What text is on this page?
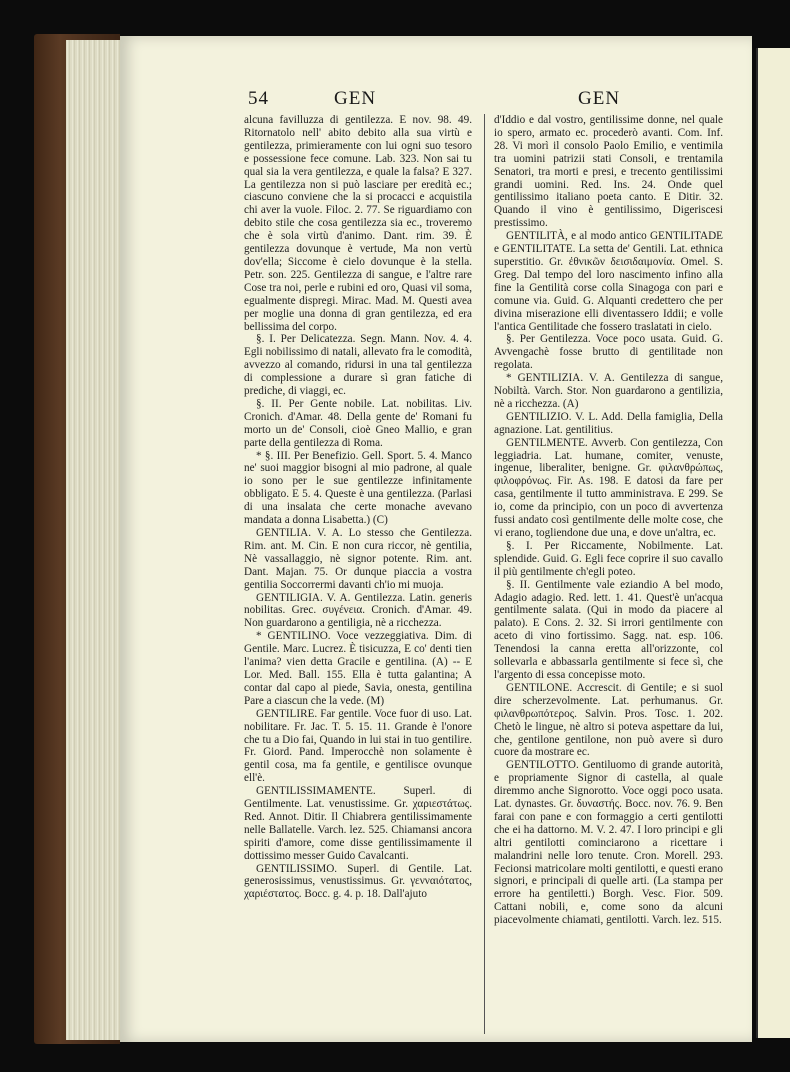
54	GEN	GEN

alcuna favilluzza di gentilezza. E nov. 98. 49. Ritornatolo nell' abito debito alla sua virtù e gentilezza, primieramente con lui ogni suo tesoro e possessione fece comune. Lab. 323. Non sai tu qual sia la vera gentilezza, e quale la falsa? E 327. La gentilezza non si può lasciare per eredità ec.; ciascuno conviene che la si procacci e acquistila chi aver la vuole. Filoc. 2. 77. Se riguardiamo con debito stile che cosa gentilezza sia ec., troveremo che è sola virtù d'animo. Dant. rim. 39. È gentilezza dovunque è vertude, Ma non vertù dov'ella; Siccome è cielo dovunque è la stella. Petr. son. 225. Gentilezza di sangue, e l'altre rare Cose tra noi, perle e rubini ed oro, Quasi vil soma, egualmente dispregi. Mirac. Mad. M. Questi avea per moglie una donna di gran gentilezza, ed era bellissima del corpo.

§. I. Per Delicatezza. Segn. Mann. Nov. 4. 4. Egli nobilissimo di natali, allevato fra le comodità, avvezzo al comando, ridursi in una tal gentilezza di complessione a durare sì gran fatiche di prediche, di viaggi, ec.

§. II. Per Gente nobile. Lat. nobilitas. Liv. Cronich. d'Amar. 48. Della gente de' Romani fu morto un de' Consoli, cioè Gneo Mallio, e gran parte della gentilezza di Roma.

* §. III. Per Benefizio. Gell. Sport. 5. 4. Manco ne' suoi maggior bisogni al mio padrone, al quale io sono per le sue gentilezze infinitamente obbligato. E 5. 4. Queste è una gentilezza. (Parlasi di una insalata che certe monache avevano mandata a donna Lisabetta.) (C)

GENTILIA. V. A. Lo stesso che Gentilezza. Rim. ant. M. Cin. E non cura riccor, nè gentilia, Nè vassallaggio, nè signor potente. Rim. ant. Dant. Majan. 75. Or dunque piaccia a vostra gentilia Soccorrermi davanti ch'io mi muoja.

GENTILIGIA. V. A. Gentilezza. Latin. generis nobilitas. Grec. συγένεια. Cronich. d'Amar. 49. Non guardarono a gentiligia, nè a ricchezza.

* GENTILINO. Voce vezzeggiativa. Dim. di Gentile. Marc. Lucrez. È tisicuzza, E co' denti tien l'anima? vien detta Gracile e gentilina. (A) -- E Lor. Med. Ball. 155. Ella è tutta galantina; A contar dal capo al piede, Savia, onesta, gentilina Pare a ciascun che la vede. (M)

GENTILIRE. Far gentile. Voce fuor di uso. Lat. nobilitare. Fr. Jac. T. 5. 15. 11. Grande è l'onore che tu a Dio fai, Quando in lui stai in tuo gentilire. Fr. Giord. Pand. Imperocchè non solamente è gentil cosa, ma fa gentile, e gentilisce ovunque ell'è.

GENTILISSIMAMENTE. Superl. di Gentilmente. Lat. venustissime. Gr. χαριεστάτως. Red. Annot. Ditir. Il Chiabrera gentilissimamente nelle Ballatelle. Varch. lez. 525. Chiamansi ancora spiriti d'amore, come disse gentilissimamente il dottissimo messer Guido Cavalcanti.

GENTILISSIMO. Superl. di Gentile. Lat. generosissimus, venustissimus. Gr. γενναιότατος, χαριέστατος. Bocc. g. 4. p. 18. Dall'ajuto

d'Iddio e dal vostro, gentilissime donne, nel quale io spero, armato ec. procederò avanti. Com. Inf. 28. Vi morì il consolo Paolo Emilio, e ventimila tra uomini patrizii stati Consoli, e trentamila Senatori, tra morti e presi, e trecento gentilissimi grandi uomini. Red. Ins. 24. Onde quel gentilissimo italiano poeta canto. E Ditir. 32. Quando il vino è gentilissimo, Digeriscesi prestissimo.

GENTILITÀ, e al modo antico GENTILITADE e GENTILITATE. La setta de' Gentili. Lat. ethnica superstitio. Gr. ἐθνικῶν δεισιδαιμονία. Omel. S. Greg. Dal tempo del loro nascimento infino alla fine la Gentilità corse colla Sinagoga con pari e comune via. Guid. G. Alquanti credettero che per divina miserazione elli diventassero Iddii; e volle l'antica Gentilitade che fossero traslatati in cielo.

§. Per Gentilezza. Voce poco usata. Guid. G. Avvengachè fosse brutto di gentilitade non regolata.

* GENTILIZIA. V. A. Gentilezza di sangue, Nobiltà. Varch. Stor. Non guardarono a gentilizia, nè a ricchezza. (A)

GENTILIZIO. V. L. Add. Della famiglia, Della agnazione. Lat. gentilitius.

GENTILMENTE. Avverb. Con gentilezza, Con leggiadria. Lat. humane, comiter, venuste, ingenue, liberaliter, benigne. Gr. φιλανθρώπως, φιλοφρόνως. Fir. As. 198. E datosi da fare per casa, gentilmente il tutto amministrava. E 299. Se io, come da principio, con un poco di avvertenza fussi andato così gentilmente delle molte cose, che vi erano, togliendone due una, e dove un'altra, ec.

§. I. Per Riccamente, Nobilmente. Lat. splendide. Guid. G. Egli fece coprire il suo cavallo il più gentilmente ch'egli poteo.

§. II. Gentilmente vale eziandio A bel modo, Adagio adagio. Red. lett. 1. 41. Quest'è un'acqua gentilmente salata. (Qui in modo da piacere al palato). E Cons. 2. 32. Si irrori gentilmente con aceto di vino fortissimo. Sagg. nat. esp. 106. Tenendosi la canna eretta all'orizzonte, col sollevarla e abbassarla gentilmente si fece sì, che l'argento di essa concepisse moto.

GENTILONE. Accrescit. di Gentile; e si suol dire scherzevolmente. Lat. perhumanus. Gr. φιλανθρωπότερος. Salvin. Pros. Tosc. 1. 202. Chetò le lingue, nè altro si poteva aspettare da lui, che, gentilone gentilone, non può avere sì duro cuore da mostrare ec.

GENTILOTTO. Gentiluomo di grande autorità, e propriamente Signor di castella, al quale diremmo anche Signorotto. Voce oggi poco usata. Lat. dynastes. Gr. δυναστής. Bocc. nov. 76. 9. Ben farai con pane e con formaggio a certi gentilotti che ei ha dattorno. M. V. 2. 47. I loro principi e gli altri gentilotti cominciarono a ricettare i malandrini nelle loro tenute. Cron. Morell. 293. Fecionsi matricolare molti gentilotti, e questi erano signori, e principali di quelle arti. (La stampa per errore ha gentiletti.) Borgh. Vesc. Fior. 509. Cattani nobili, e, come sono da alcuni piacevolmente chiamati, gentilotti. Varch. lez. 515.
